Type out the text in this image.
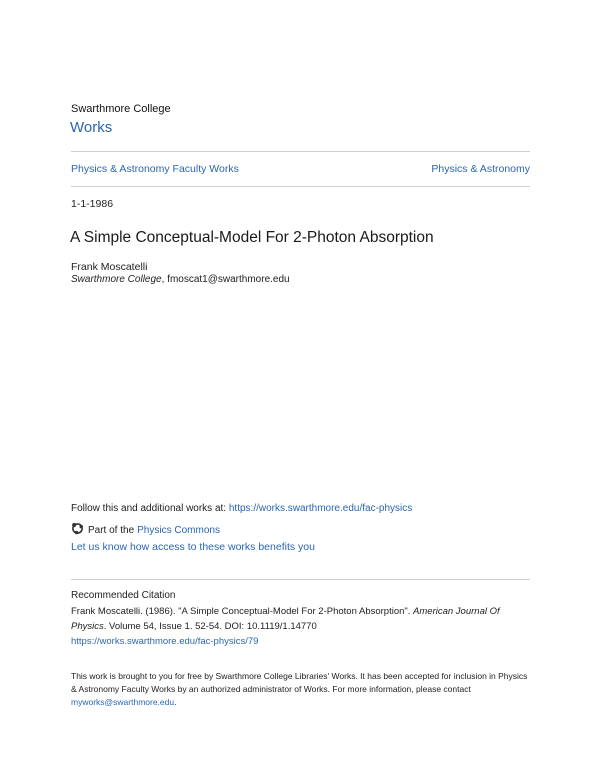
Swarthmore College
Works
Physics & Astronomy Faculty Works	Physics & Astronomy
1-1-1986
A Simple Conceptual-Model For 2-Photon Absorption
Frank Moscatelli
Swarthmore College, fmoscat1@swarthmore.edu
Follow this and additional works at: https://works.swarthmore.edu/fac-physics
Part of the Physics Commons
Let us know how access to these works benefits you
Recommended Citation
Frank Moscatelli. (1986). "A Simple Conceptual-Model For 2-Photon Absorption". American Journal Of Physics. Volume 54, Issue 1. 52-54. DOI: 10.1119/1.14770
https://works.swarthmore.edu/fac-physics/79
This work is brought to you for free by Swarthmore College Libraries' Works. It has been accepted for inclusion in Physics & Astronomy Faculty Works by an authorized administrator of Works. For more information, please contact myworks@swarthmore.edu.
